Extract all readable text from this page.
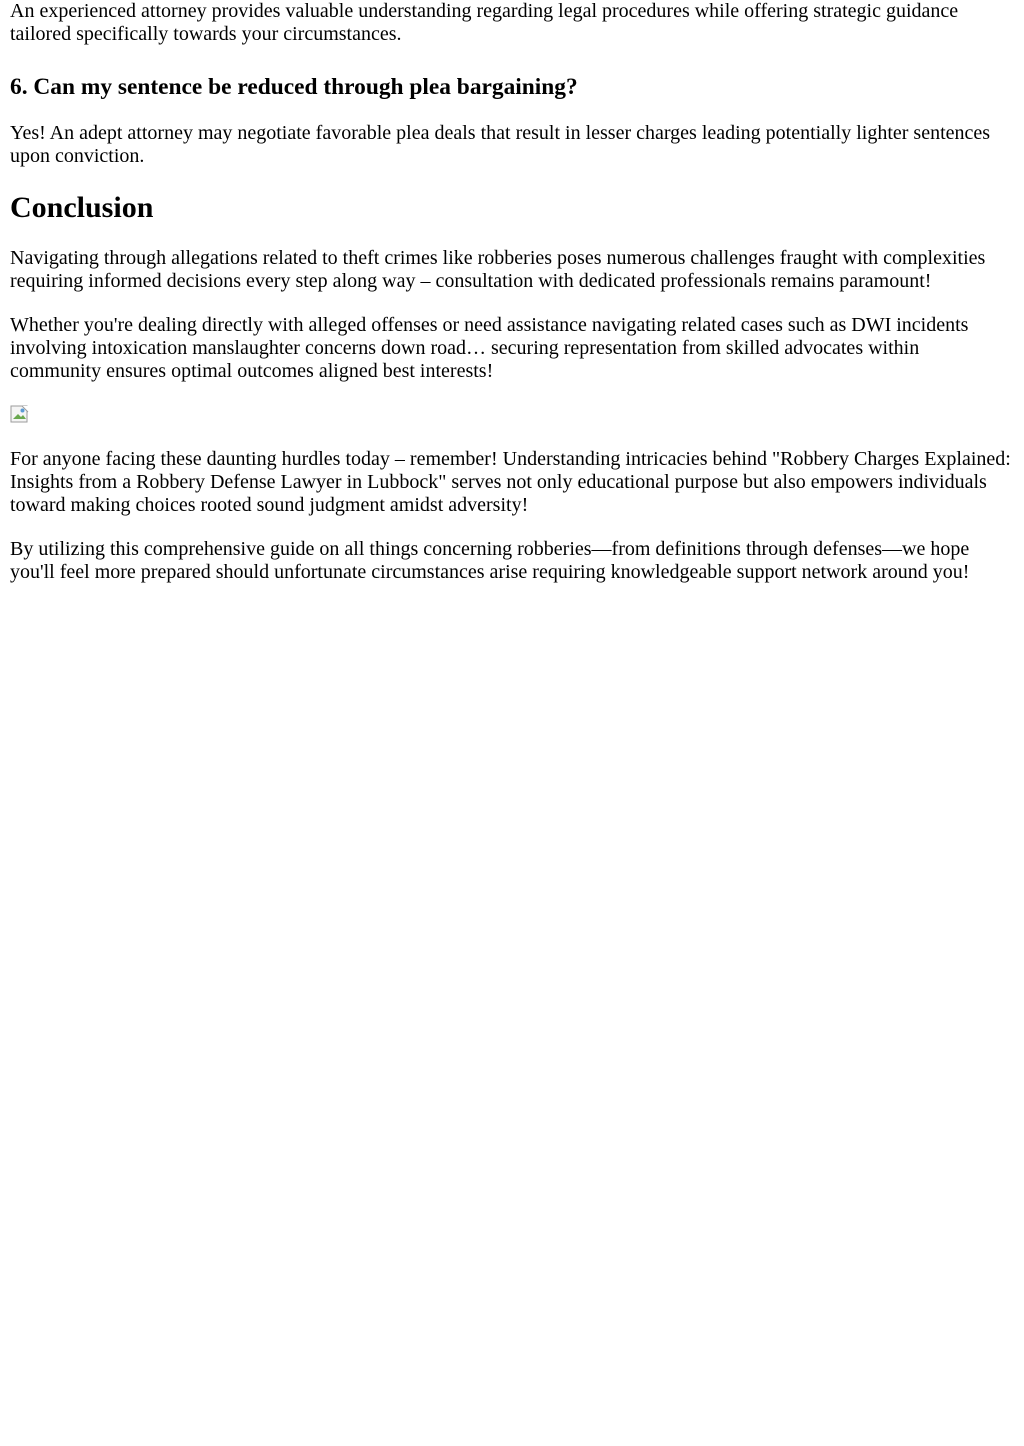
An experienced attorney provides valuable understanding regarding legal procedures while offering strategic guidance tailored specifically towards your circumstances.

6. Can my sentence be reduced through plea bargaining?

Yes! An adept attorney may negotiate favorable plea deals that result in lesser charges leading potentially lighter sentences upon conviction.

Conclusion

Navigating through allegations related to theft crimes like robberies poses numerous challenges fraught with complexities requiring informed decisions every step along way – consultation with dedicated professionals remains paramount!

Whether you're dealing directly with alleged offenses or need assistance navigating related cases such as DWI incidents involving intoxication manslaughter concerns down road… securing representation from skilled advocates within community ensures optimal outcomes aligned best interests!

For anyone facing these daunting hurdles today – remember! Understanding intricacies behind "Robbery Charges Explained: Insights from a Robbery Defense Lawyer in Lubbock" serves not only educational purpose but also empowers individuals toward making choices rooted sound judgment amidst adversity!

By utilizing this comprehensive guide on all things concerning robberies—from definitions through defenses—we hope you'll feel more prepared should unfortunate circumstances arise requiring knowledgeable support network around you!
